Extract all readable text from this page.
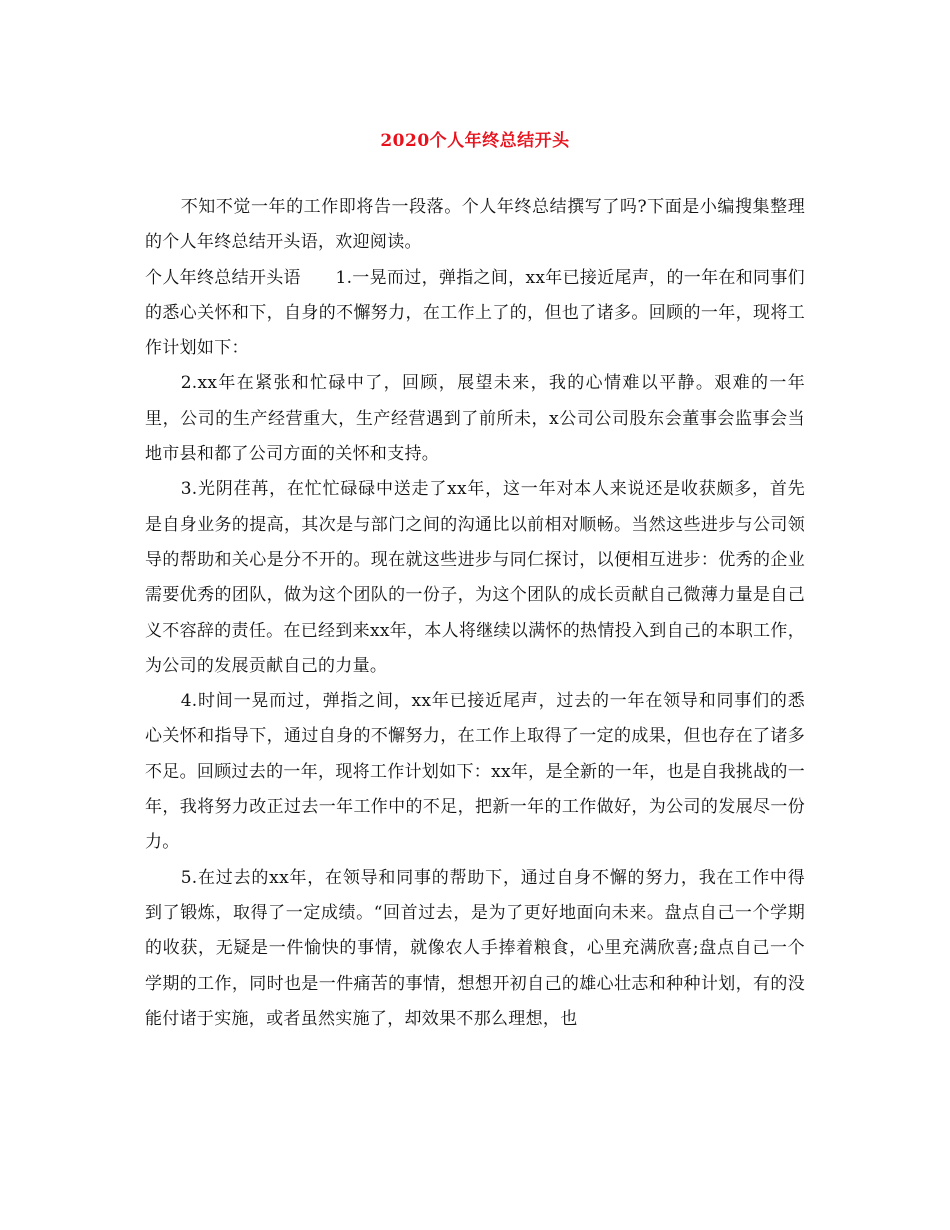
2020个人年终总结开头

不知不觉一年的工作即将告一段落。个人年终总结撰写了吗?下面是小编搜集整理的个人年终总结开头语，欢迎阅读。

个人年终总结开头语　　1.一晃而过，弹指之间，xx年已接近尾声，的一年在和同事们的悉心关怀和下，自身的不懈努力，在工作上了的，但也了诸多。回顾的一年，现将工作计划如下：

2.xx年在紧张和忙碌中了，回顾，展望未来，我的心情难以平静。艰难的一年里，公司的生产经营重大，生产经营遇到了前所未，x公司公司股东会董事会监事会当地市县和都了公司方面的关怀和支持。

3.光阴荏苒，在忙忙碌碌中送走了xx年，这一年对本人来说还是收获颇多，首先是自身业务的提高，其次是与部门之间的沟通比以前相对顺畅。当然这些进步与公司领导的帮助和关心是分不开的。现在就这些进步与同仁探讨，以便相互进步：优秀的企业需要优秀的团队，做为这个团队的一份子，为这个团队的成长贡献自己微薄力量是自己义不容辞的责任。在已经到来xx年，本人将继续以满怀的热情投入到自己的本职工作，为公司的发展贡献自己的力量。

4.时间一晃而过，弹指之间，xx年已接近尾声，过去的一年在领导和同事们的悉心关怀和指导下，通过自身的不懈努力，在工作上取得了一定的成果，但也存在了诸多不足。回顾过去的一年，现将工作计划如下：xx年，是全新的一年，也是自我挑战的一年，我将努力改正过去一年工作中的不足，把新一年的工作做好，为公司的发展尽一份力。

5.在过去的xx年，在领导和同事的帮助下，通过自身不懈的努力，我在工作中得到了锻炼，取得了一定成绩。“回首过去，是为了更好地面向未来。盘点自己一个学期的收获，无疑是一件愉快的事情，就像农人手捧着粮食，心里充满欣喜;盘点自己一个学期的工作，同时也是一件痛苦的事情，想想开初自己的雄心壮志和种种计划，有的没能付诸于实施，或者虽然实施了，却效果不那么理想，也
